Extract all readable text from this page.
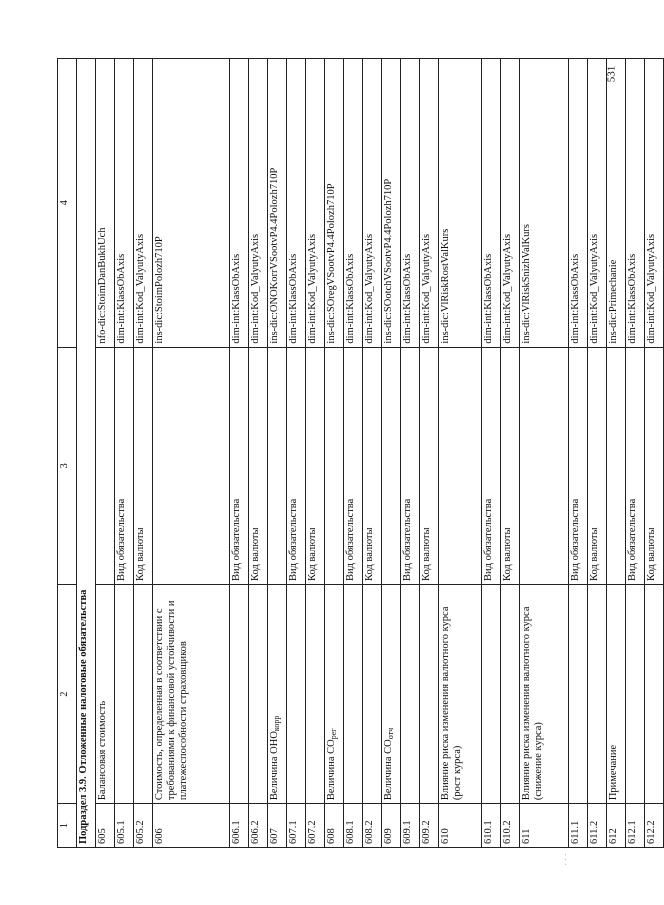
531
· · ·
1	2	3	4
Подраздел 3.9. Отложенные налоговые обязательства			
605	Балансовая стоимость		nfo-dic:StoimDanBukhUch
605.1		Вид обязательства	dim-int:KlassObAxis
605.2		Код валюты	dim-int:Kod_ValyutyAxis
606	Стоимость, определенная в соответствии с требованиями к финансовой устойчивости и платежеспособности страховщиков		ins-dic:StoimPolozh710P
606.1		Вид обязательства	dim-int:KlassObAxis
606.2		Код валюты	dim-int:Kod_ValyutyAxis
607	Величина ОНОкорр		ins-dic:ONOKorrVSootvP4.4Polozh710P
607.1		Вид обязательства	dim-int:KlassObAxis
607.2		Код валюты	dim-int:Kod_ValyutyAxis
608	Величина СОрег		ins-dic:SOregVSootvP4.4Polozh710P
608.1		Вид обязательства	dim-int:KlassObAxis
608.2		Код валюты	dim-int:Kod_ValyutyAxis
609	Величина СОотч		ins-dic:SOotchVSootvP4.4Polozh710P
609.1		Вид обязательства	dim-int:KlassObAxis
609.2		Код валюты	dim-int:Kod_ValyutyAxis
610	Влияние риска изменения валютного курса (рост курса)		ins-dic:VlRiskRostValKurs
610.1		Вид обязательства	dim-int:KlassObAxis
610.2		Код валюты	dim-int:Kod_ValyutyAxis
611	Влияние риска изменения валютного курса (снижение курса)		ins-dic:VlRiskSnizhValKurs
611.1		Вид обязательства	dim-int:KlassObAxis
611.2		Код валюты	dim-int:Kod_ValyutyAxis
612	Примечание		ins-dic:Primechanie
612.1		Вид обязательства	dim-int:KlassObAxis
612.2		Код валюты	dim-int:Kod_ValyutyAxis
